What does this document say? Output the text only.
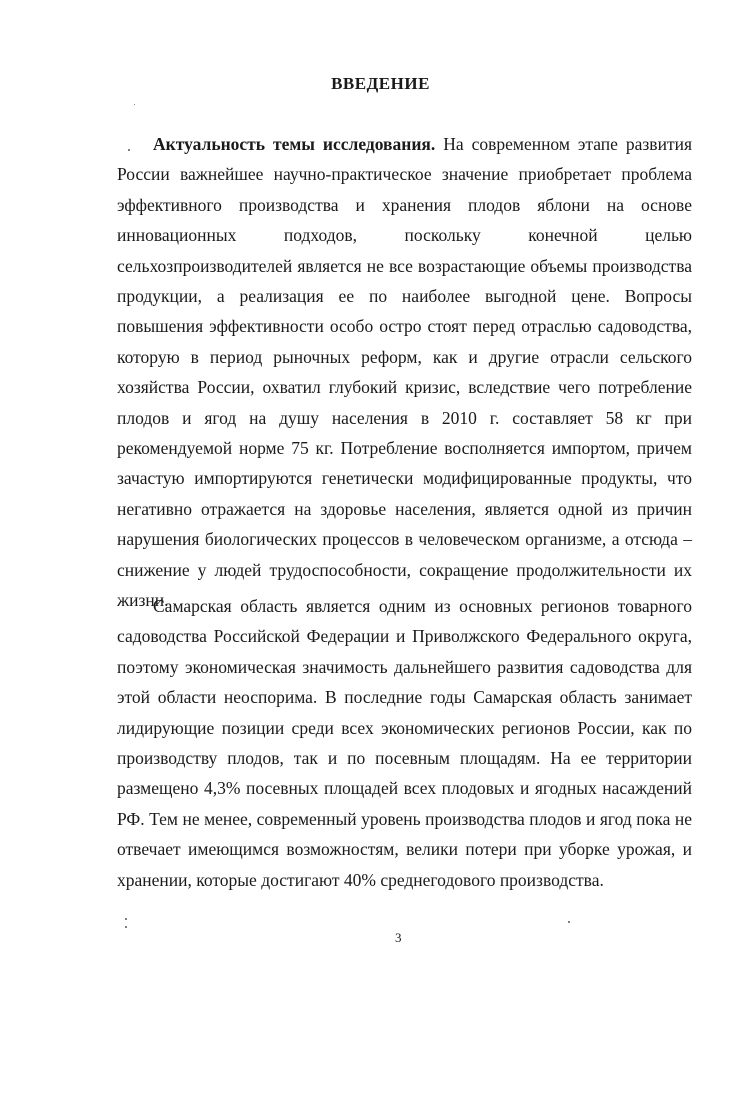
ВВЕДЕНИЕ

Актуальность темы исследования. На современном этапе развития России важнейшее научно-практическое значение приобретает проблема эффективного производства и хранения плодов яблони на основе инновационных подходов, поскольку конечной целью сельхозпроизводителей является не все возрастающие объемы производства продукции, а реализация ее по наиболее выгодной цене. Вопросы повышения эффективности особо остро стоят перед отраслью садоводства, которую в период рыночных реформ, как и другие отрасли сельского хозяйства России, охватил глубокий кризис, вследствие чего потребление плодов и ягод на душу населения в 2010 г. составляет 58 кг при рекомендуемой норме 75 кг. Потребление восполняется импортом, причем зачастую импортируются генетически модифицированные продукты, что негативно отражается на здоровье населения, является одной из причин нарушения биологических процессов в человеческом организме, а отсюда – снижение у людей трудоспособности, сокращение продолжительности их жизни.

Самарская область является одним из основных регионов товарного садоводства Российской Федерации и Приволжского Федерального округа, поэтому экономическая значимость дальнейшего развития садоводства для этой области неоспорима. В последние годы Самарская область занимает лидирующие позиции среди всех экономических регионов России, как по производству плодов, так и по посевным площадям. На ее территории размещено 4,3% посевных площадей всех плодовых и ягодных насаждений РФ. Тем не менее, современный уровень производства плодов и ягод пока не отвечает имеющимся возможностям, велики потери при уборке урожая, и хранении, которые достигают 40% среднегодового производства.

3
